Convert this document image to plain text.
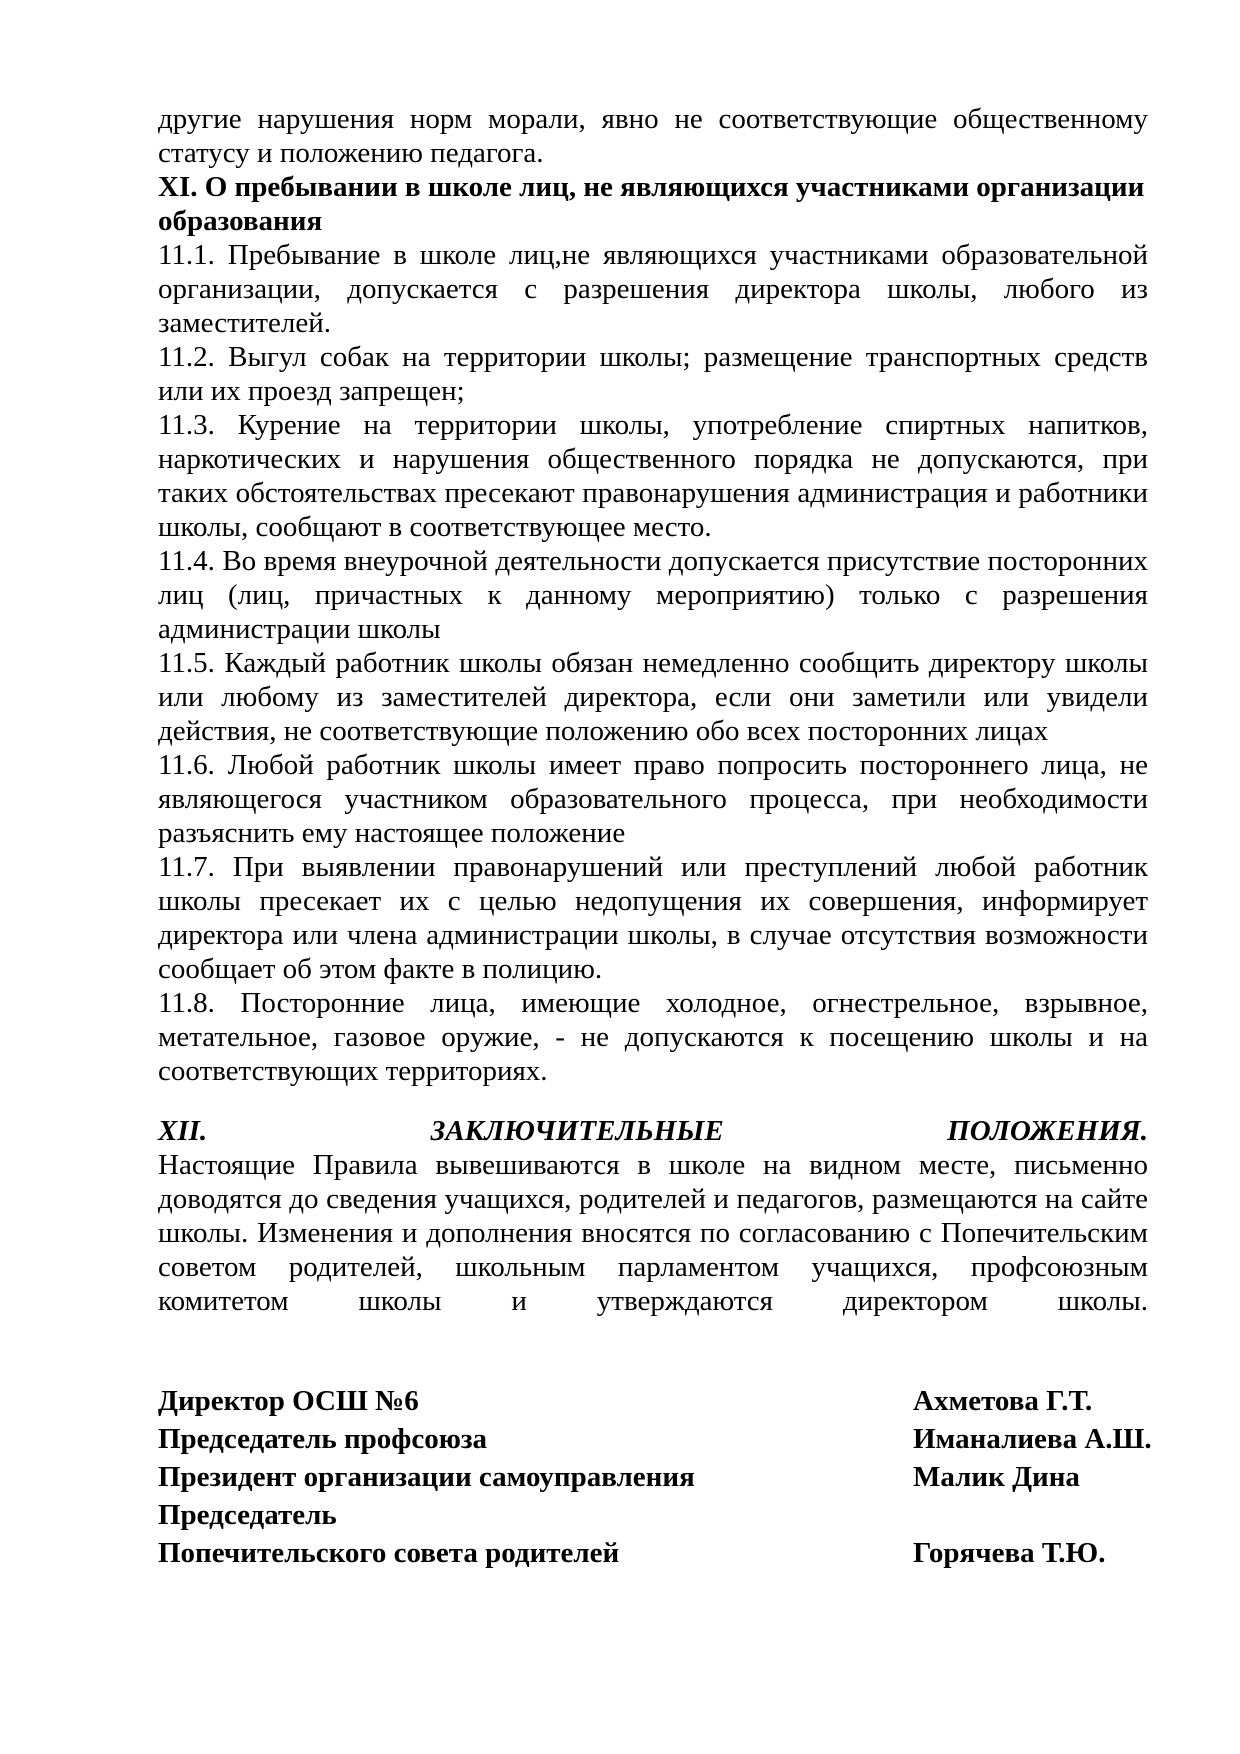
другие нарушения норм морали, явно не соответствующие общественному статусу и положению педагога.

XI. О пребывании в школе лиц, не являющихся участниками организации образования

11.1. Пребывание в школе лиц,не являющихся участниками образовательной организации, допускается с разрешения директора школы, любого из заместителей.

11.2. Выгул собак на территории школы; размещение транспортных средств или их проезд запрещен;

11.3. Курение на территории школы, употребление спиртных напитков, наркотических и нарушения общественного порядка не допускаются, при таких обстоятельствах пресекают правонарушения администрация и работники школы, сообщают в соответствующее место.

11.4. Во время внеурочной деятельности допускается присутствие посторонних лиц (лиц, причастных к данному мероприятию) только с разрешения администрации школы

11.5. Каждый работник школы обязан немедленно сообщить директору школы или любому из заместителей директора, если они заметили или увидели действия, не соответствующие положению обо всех посторонних лицах

11.6. Любой работник школы имеет право попросить постороннего лица, не являющегося участником образовательного процесса, при необходимости разъяснить ему настоящее положение

11.7. При выявлении правонарушений или преступлений любой работник школы пресекает их с целью недопущения их совершения, информирует директора или члена администрации школы, в случае отсутствия возможности сообщает об этом факте в полицию.

11.8. Посторонние лица, имеющие холодное, огнестрельное, взрывное, метательное, газовое оружие, - не допускаются к посещению школы и на соответствующих территориях.

XII. ЗАКЛЮЧИТЕЛЬНЫЕ ПОЛОЖЕНИЯ.

Настоящие Правила вывешиваются в школе на видном месте, письменно доводятся до сведения учащихся, родителей и педагогов, размещаются на сайте школы. Изменения и дополнения вносятся по согласованию с Попечительским советом родителей, школьным парламентом учащихся, профсоюзным комитетом школы и утверждаются директором школы.

Директор ОСШ №6	Ахметова Г.Т.
Председатель профсоюза	Иманалиева А.Ш.
Президент организации самоуправления	Малик Дина
Председатель
Попечительского совета родителей	Горячева Т.Ю.
